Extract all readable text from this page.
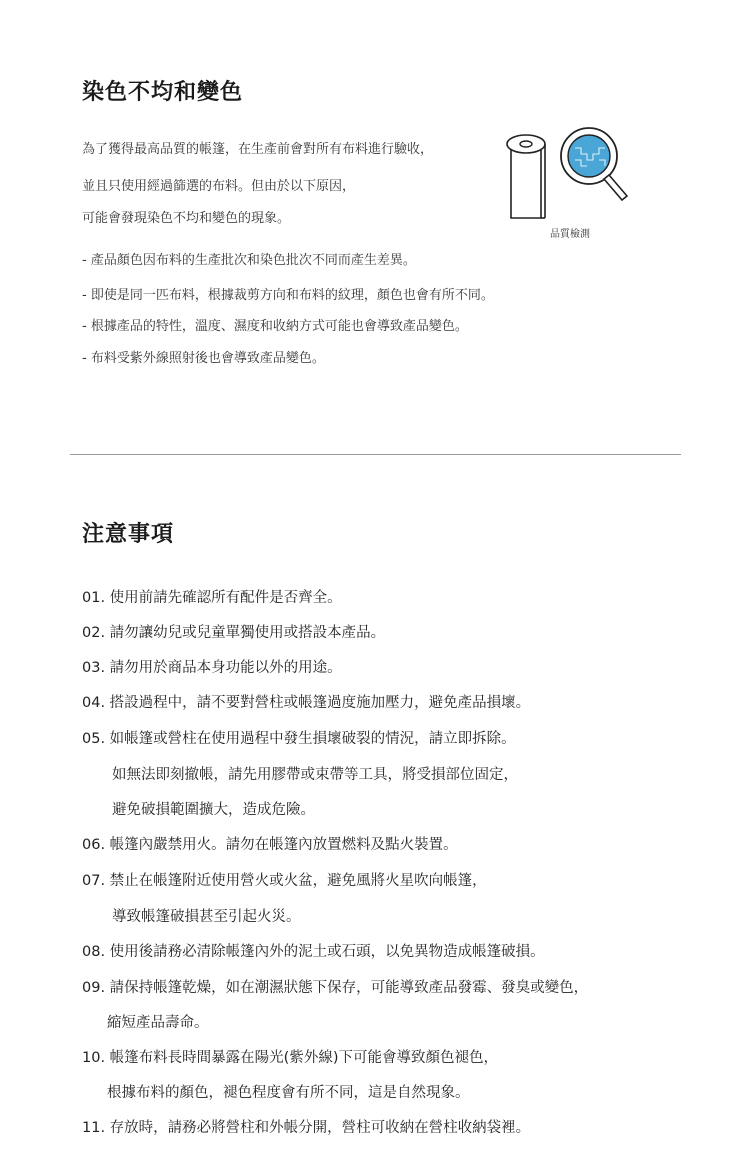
染色不均和變色

為了獲得最高品質的帳篷，在生產前會對所有布料進行驗收，

並且只使用經過篩選的布料。但由於以下原因，

可能會發現染色不均和變色的現象。

品質檢測

- 產品顏色因布料的生產批次和染色批次不同而產生差異。

- 即使是同一匹布料，根據裁剪方向和布料的紋理，顏色也會有所不同。

- 根據產品的特性，溫度、濕度和收納方式可能也會導致產品變色。

- 布料受紫外線照射後也會導致產品變色。

注意事項

01. 使用前請先確認所有配件是否齊全。

02. 請勿讓幼兒或兒童單獨使用或搭設本產品。

03. 請勿用於商品本身功能以外的用途。

04. 搭設過程中，請不要對營柱或帳篷過度施加壓力，避免產品損壞。

05. 如帳篷或營柱在使用過程中發生損壞破裂的情況，請立即拆除。

如無法即刻撤帳，請先用膠帶或束帶等工具，將受損部位固定，

避免破損範圍擴大，造成危險。

06. 帳篷內嚴禁用火。請勿在帳篷內放置燃料及點火裝置。

07. 禁止在帳篷附近使用營火或火盆，避免風將火星吹向帳篷，

導致帳篷破損甚至引起火災。

08. 使用後請務必清除帳篷內外的泥土或石頭，以免異物造成帳篷破損。

09. 請保持帳篷乾燥，如在潮濕狀態下保存，可能導致產品發霉、發臭或變色，

縮短產品壽命。

10. 帳篷布料長時間暴露在陽光(紫外線)下可能會導致顏色褪色，

根據布料的顏色，褪色程度會有所不同，這是自然現象。

11. 存放時，請務必將營柱和外帳分開，營柱可收納在營柱收納袋裡。
